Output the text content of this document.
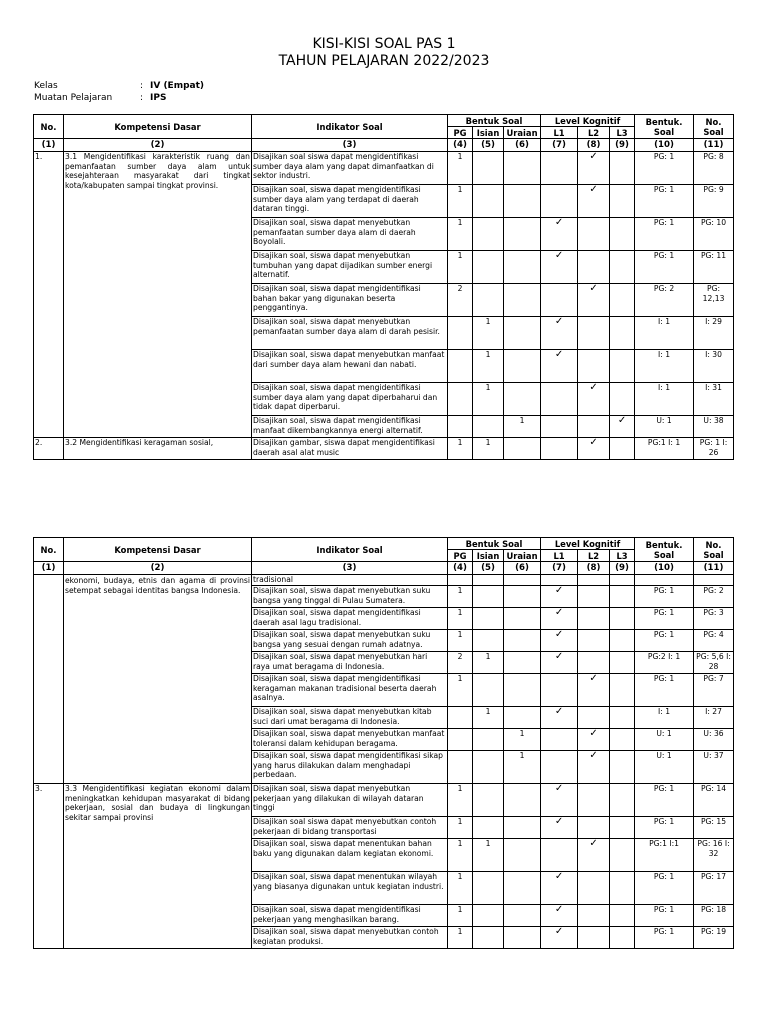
KISI-KISI SOAL PAS 1
TAHUN PELAJARAN 2022/2023
Kelas	: IV (Empat)
Muatan Pelajaran	: IPS
No.	Kompetensi Dasar	Indikator Soal	Bentuk Soal			Level Kognitif			Bentuk. Soal	No. Soal
			PG	Isian	Uraian	L1	L2	L3		
(1)	(2)	(3)	(4)	(5)	(6)	(7)	(8)	(9)	(10)	(11)
1.	3.1 Mengidentifikasi karakteristik ruang dan pemanfaatan sumber daya alam untuk kesejahteraan masyarakat dari tingkat kota/kabupaten sampai tingkat provinsi.	Disajikan soal siswa dapat mengidentifikasi sumber daya alam yang dapat dimanfaatkan di sektor industri.	1				✓		PG: 1	PG: 8
		Disajikan soal, siswa dapat mengidentifikasi sumber daya alam yang terdapat di daerah dataran tinggi.	1				✓		PG: 1	PG: 9
		Disajikan soal, siswa dapat menyebutkan pemanfaatan sumber daya alam di daerah Boyolali.	1			✓			PG: 1	PG: 10
		Disajikan soal, siswa dapat menyebutkan tumbuhan yang dapat dijadikan sumber energi alternatif.	1			✓			PG: 1	PG: 11
		Disajikan soal, siswa dapat mengidentifikasi bahan bakar yang digunakan beserta penggantinya.	2				✓		PG: 2	PG: 12,13
		Disajikan soal, siswa dapat menyebutkan pemanfaatan sumber daya alam di darah pesisir.		1		✓			I: 1	I: 29
		Disajikan soal, siswa dapat menyebutkan manfaat dari sumber daya alam hewani dan nabati.		1		✓			I: 1	I: 30
		Disajikan soal, siswa dapat mengidentifikasi sumber daya alam yang dapat diperbaharui dan tidak dapat diperbarui.		1			✓		I: 1	I: 31
		Disajikan soal, siswa dapat mengidentifikasi manfaat dikembangkannya energi alternatif.			1			✓	U: 1	U: 38
2.	3.2 Mengidentifikasi keragaman sosial,	Disajikan gambar, siswa dapat mengidentifikasi daerah asal alat music	1	1			✓		PG:1 I: 1	PG: 1 I: 26
No.	Kompetensi Dasar	Indikator Soal	Bentuk Soal			Level Kognitif			Bentuk. Soal	No. Soal
			PG	Isian	Uraian	L1	L2	L3		
(1)	(2)	(3)	(4)	(5)	(6)	(7)	(8)	(9)	(10)	(11)
	ekonomi, budaya, etnis dan agama di provinsi setempat sebagai identitas bangsa Indonesia.	tradisional								
		Disajikan soal, siswa dapat menyebutkan suku bangsa yang tinggal di Pulau Sumatera.	1			✓			PG: 1	PG: 2
		Disajikan soal, siswa dapat mengidentifikasi daerah asal lagu tradisional.	1			✓			PG: 1	PG: 3
		Disajikan soal, siswa dapat menyebutkan suku bangsa yang sesuai dengan rumah adatnya.	1			✓			PG: 1	PG: 4
		Disajikan soal, siswa dapat menyebutkan hari raya umat beragama di Indonesia.	2	1		✓			PG:2 I: 1	PG: 5,6 I: 28
		Disajikan soal, siswa dapat mengidentifikasi keragaman makanan tradisional beserta daerah asalnya.	1				✓		PG: 1	PG: 7
		Disajikan soal, siswa dapat menyebutkan kitab suci dari umat beragama di Indonesia.		1		✓			I: 1	I: 27
		Disajikan soal, siswa dapat menyebutkan manfaat toleransi dalam kehidupan beragama.			1		✓		U: 1	U: 36
		Disajikan soal, siswa dapat mengidentifikasi sikap yang harus dilakukan dalam menghadapi perbedaan.			1		✓		U: 1	U: 37
3.	3.3 Mengidentifikasi kegiatan ekonomi dalam meningkatkan kehidupan masyarakat di bidang pekerjaan, sosial dan budaya di lingkungan sekitar sampai provinsi	Disajikan soal, siswa dapat menyebutkan pekerjaan yang dilakukan di wilayah dataran tinggi	1			✓			PG: 1	PG: 14
		Disajikan soal siswa dapat menyebutkan contoh pekerjaan di bidang transportasi	1			✓			PG: 1	PG: 15
		Disajikan soal, siswa dapat menentukan bahan baku yang digunakan dalam kegiatan ekonomi.	1	1			✓		PG:1 I:1	PG: 16 I: 32
		Disajikan soal, siswa dapat menentukan wilayah yang biasanya digunakan untuk kegiatan industri.	1			✓			PG: 1	PG: 17
		Disajikan soal, siswa dapat mengidentifikasi pekerjaan yang menghasilkan barang.	1			✓			PG: 1	PG: 18
		Disajikan soal, siswa dapat menyebutkan contoh kegiatan produksi.	1			✓			PG: 1	PG: 19
